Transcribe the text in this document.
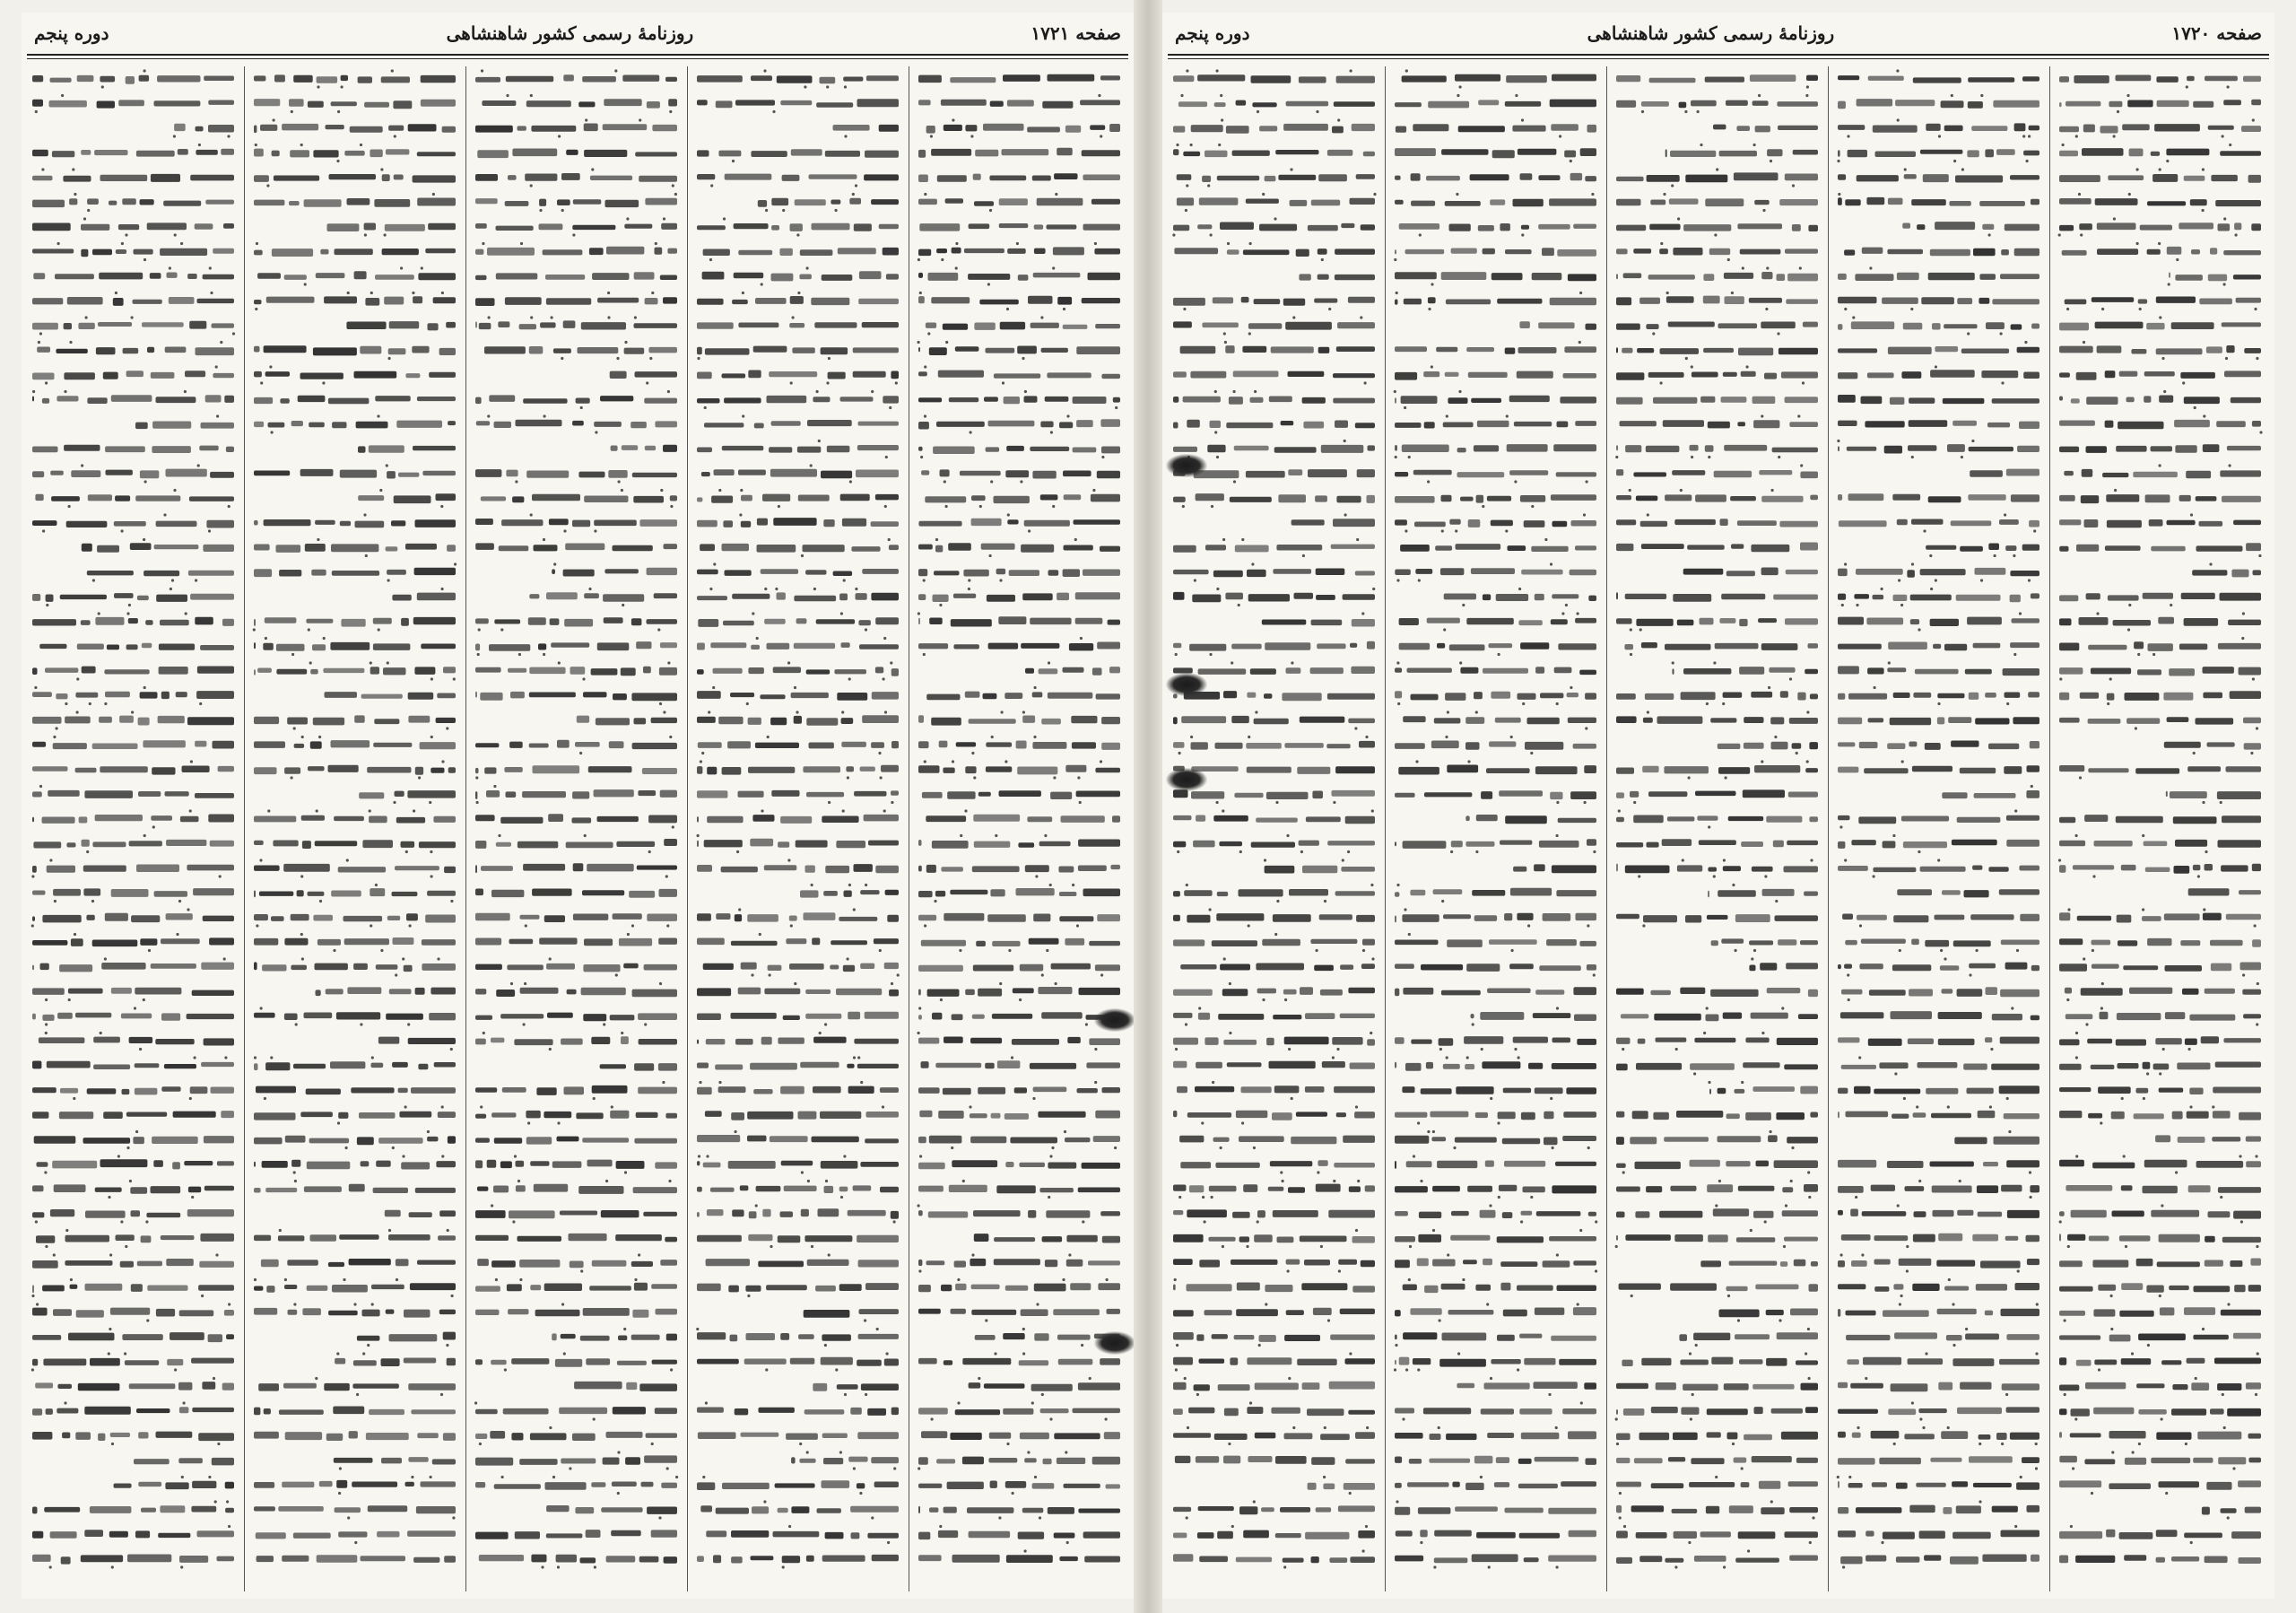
صفحه ۱۷۲۱
روزنامهٔ رسمی کشور شاهنشاهی
دوره پنجم	صفحه ۱۷۲۰
روزنامهٔ رسمی کشور شاهنشاهی
دوره پنجم
